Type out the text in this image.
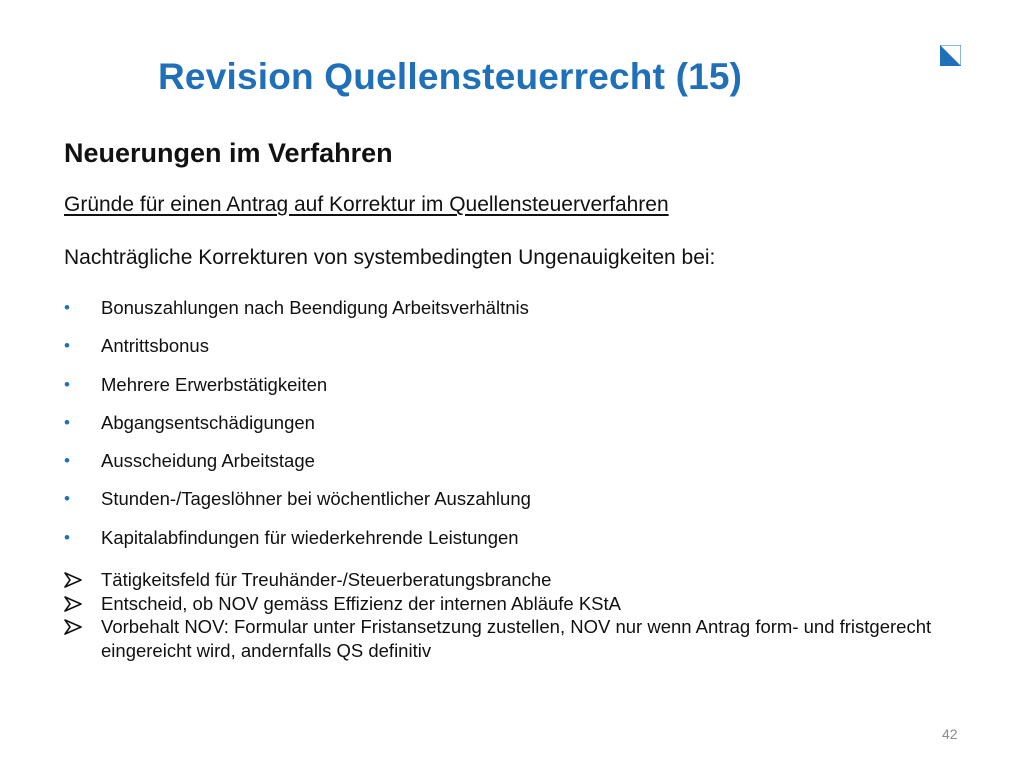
Revision Quellensteuerrecht (15)
Neuerungen im Verfahren

Gründe für einen Antrag auf Korrektur im Quellensteuerverfahren

Nachträgliche Korrekturen von systembedingten Ungenauigkeiten bei:

• Bonuszahlungen nach Beendigung Arbeitsverhältnis
• Antrittsbonus
• Mehrere Erwerbstätigkeiten
• Abgangsentschädigungen
• Ausscheidung Arbeitstage
• Stunden-/Tageslöhner bei wöchentlicher Auszahlung
• Kapitalabfindungen für wiederkehrende Leistungen
Tätigkeitsfeld für Treuhänder-/Steuerberatungsbranche
Entscheid, ob NOV gemäss Effizienz der internen Abläufe KStA
Vorbehalt NOV: Formular unter Fristansetzung zustellen, NOV nur wenn Antrag form- und fristgerecht eingereicht wird, andernfalls QS definitiv
42
